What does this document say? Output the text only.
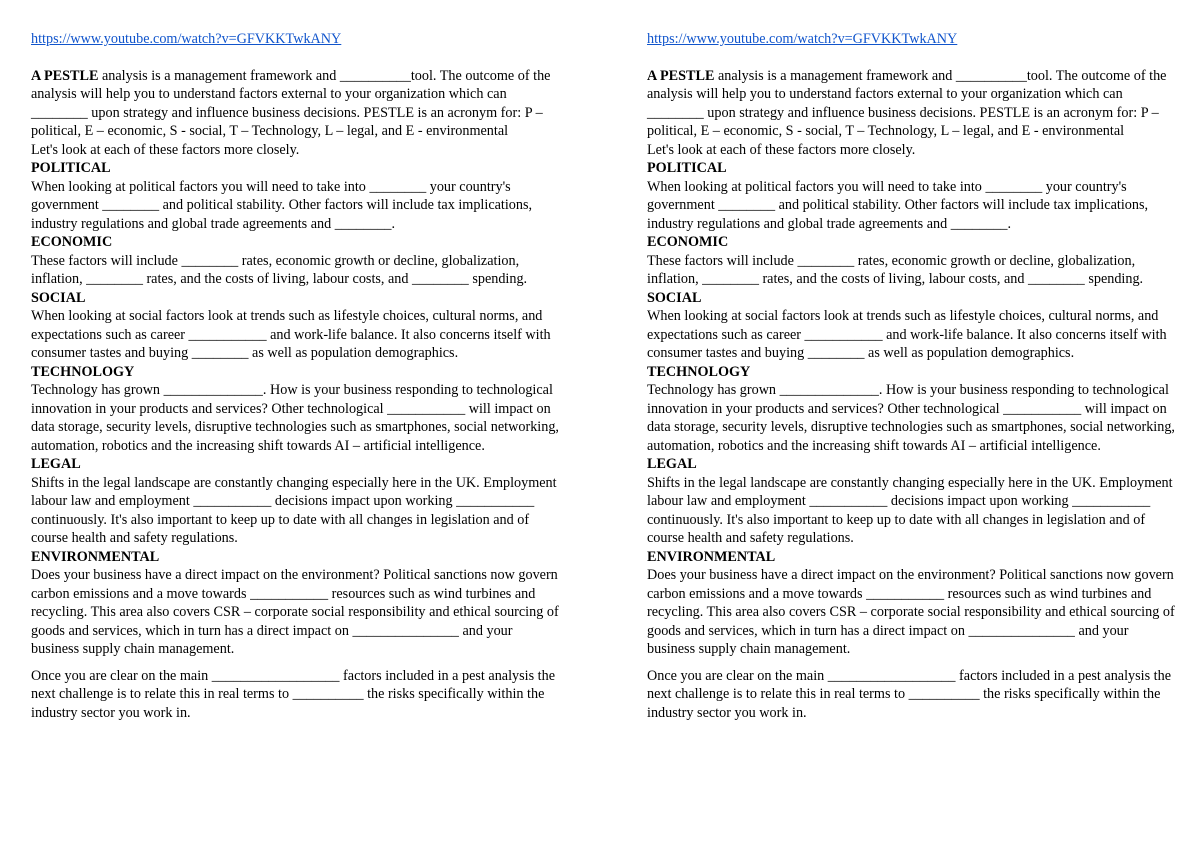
https://www.youtube.com/watch?v=GFVKKTwkANY

A PESTLE analysis is a management framework and __________tool. The outcome of the analysis will help you to understand factors external to your organization which can ________ upon strategy and influence business decisions. PESTLE is an acronym for: P – political, E – economic, S - social, T – Technology, L – legal, and E - environmental

Let's look at each of these factors more closely.

POLITICAL

When looking at political factors you will need to take into ________ your country's government ________ and political stability. Other factors will include tax implications, industry regulations and global trade agreements and ________.

ECONOMIC

These factors will include ________ rates, economic growth or decline, globalization, inflation, ________ rates, and the costs of living, labour costs, and ________ spending.

SOCIAL

When looking at social factors look at trends such as lifestyle choices, cultural norms, and expectations such as career ___________ and work-life balance. It also concerns itself with consumer tastes and buying ________ as well as population demographics.

TECHNOLOGY

Technology has grown ______________. How is your business responding to technological innovation in your products and services? Other technological ___________ will impact on data storage, security levels, disruptive technologies such as smartphones, social networking, automation, robotics and the increasing shift towards AI – artificial intelligence.

LEGAL

Shifts in the legal landscape are constantly changing especially here in the UK. Employment labour law and employment ___________ decisions impact upon working ___________ continuously. It's also important to keep up to date with all changes in legislation and of course health and safety regulations.

ENVIRONMENTAL

Does your business have a direct impact on the environment? Political sanctions now govern carbon emissions and a move towards ___________ resources such as wind turbines and recycling. This area also covers CSR – corporate social responsibility and ethical sourcing of goods and services, which in turn has a direct impact on _______________ and your business supply chain management.

Once you are clear on the main __________________ factors included in a pest analysis the next challenge is to relate this in real terms to __________ the risks specifically within the industry sector you work in.

https://www.youtube.com/watch?v=GFVKKTwkANY

A PESTLE analysis is a management framework and __________tool. The outcome of the analysis will help you to understand factors external to your organization which can ________ upon strategy and influence business decisions. PESTLE is an acronym for: P – political, E – economic, S - social, T – Technology, L – legal, and E - environmental

Let's look at each of these factors more closely.

POLITICAL

When looking at political factors you will need to take into ________ your country's government ________ and political stability. Other factors will include tax implications, industry regulations and global trade agreements and ________.

ECONOMIC

These factors will include ________ rates, economic growth or decline, globalization, inflation, ________ rates, and the costs of living, labour costs, and ________ spending.

SOCIAL

When looking at social factors look at trends such as lifestyle choices, cultural norms, and expectations such as career ___________ and work-life balance. It also concerns itself with consumer tastes and buying ________ as well as population demographics.

TECHNOLOGY

Technology has grown ______________. How is your business responding to technological innovation in your products and services? Other technological ___________ will impact on data storage, security levels, disruptive technologies such as smartphones, social networking, automation, robotics and the increasing shift towards AI – artificial intelligence.

LEGAL

Shifts in the legal landscape are constantly changing especially here in the UK. Employment labour law and employment ___________ decisions impact upon working ___________ continuously. It's also important to keep up to date with all changes in legislation and of course health and safety regulations.

ENVIRONMENTAL

Does your business have a direct impact on the environment? Political sanctions now govern carbon emissions and a move towards ___________ resources such as wind turbines and recycling. This area also covers CSR – corporate social responsibility and ethical sourcing of goods and services, which in turn has a direct impact on _______________ and your business supply chain management.

Once you are clear on the main __________________ factors included in a pest analysis the next challenge is to relate this in real terms to __________ the risks specifically within the industry sector you work in.
